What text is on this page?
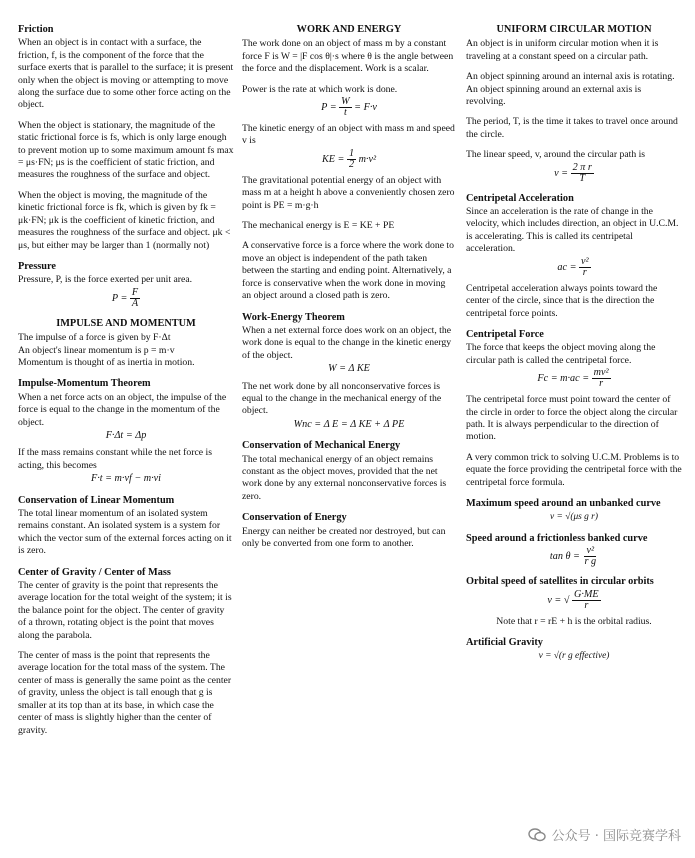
Friction

When an object is in contact with a surface, the friction, f, is the component of the force that the surface exerts that is parallel to the surface; it is present only when the object is moving or attempting to move along the surface due to some other force acting on the object.

When the object is stationary, the magnitude of the static frictional force is fs, which is only large enough to prevent motion up to some maximum amount fs max = μs·FN; μs is the coefficient of static friction, and measures the roughness of the surface and object.

When the object is moving, the magnitude of the kinetic frictional force is fk, which is given by fk = μk·FN; μk is the coefficient of kinetic friction, and measures the roughness of the surface and object. μk < μs, but either may be larger than 1 (normally not)

Pressure
Pressure, P, is the force exerted per unit area.
$P = \frac{F}{A}$
IMPULSE AND MOMENTUM
The impulse of a force is given by F·Δt
An object's linear momentum is p = m·v
Momentum is thought of as inertia in motion.
Impulse-Momentum Theorem
When a net force acts on an object, the impulse of the force is equal to the change in the momentum of the object.
F·Δt = Δp
If the mass remains constant while the net force is acting, this becomes
F·t = m·vf − m·vi
Conservation of Linear Momentum
The total linear momentum of an isolated system remains constant. An isolated system is a system for which the vector sum of the external forces acting on it is zero.
Center of Gravity / Center of Mass

The center of gravity is the point that represents the average location for the total weight of the system; it is the balance point for the object. The center of gravity of a thrown, rotating object is the point that moves along the parabola.

The center of mass is the point that represents the average location for the total mass of the system. The center of mass is generally the same point as the center of gravity, unless the object is tall enough that g is smaller at its top than at its base, in which case the center of mass is slightly higher than the center of gravity.

WORK AND ENERGY

The work done on an object of mass m by a constant force F is W = |F cos θ|·s where θ is the angle between the force and the displacement. Work is a scalar.

Power is the rate at which work is done.
$P = \frac{W}{t} = F\cdot v$
The kinetic energy of an object with mass m and speed v is
KE = $\frac{1}{2} m\cdot v^2$

The gravitational potential energy of an object with mass m at a height h above a conveniently chosen zero point is PE = m·g·h

The mechanical energy is E = KE + PE

A conservative force is a force where the work done to move an object is independent of the path taken between the starting and ending point. Alternatively, a force is conservative when the work done in moving an object around a closed path is zero.

Work-Energy Theorem
When a net external force does work on an object, the work done is equal to the change in the kinetic energy of the object.
W = Δ KE
The net work done by all nonconservative forces is equal to the change in the mechanical energy of the object.
Wnc = Δ E = Δ KE + Δ PE
Conservation of Mechanical Energy
The total mechanical energy of an object remains constant as the object moves, provided that the net work done by any external nonconservative forces is zero.
Conservation of Energy
Energy can neither be created nor destroyed, but can only be converted from one form to another.
UNIFORM CIRCULAR MOTION

An object is in uniform circular motion when it is traveling at a constant speed on a circular path.

An object spinning around an internal axis is rotating. An object spinning around an external axis is revolving.

The period, T, is the time it takes to travel once around the circle.

The linear speed, v, around the circular path is
$v = \frac{\text{2 π r}}{T}$
Centripetal Acceleration
Since an acceleration is the rate of change in the velocity, which includes direction, an object in U.C.M. is accelerating. This is called its centripetal acceleration.
ac = $\frac{\text{v²}}{r}$
Centripetal acceleration always points toward the center of the circle, since that is the direction the centripetal force points.
Centripetal Force
The force that keeps the object moving along the circular path is called the centripetal force.
$Fc = m\cdot ac = \frac{\text{mv²}}{r}$

The centripetal force must point toward the center of the circle in order to force the object along the circular path. It is always perpendicular to the direction of motion.

A very common trick to solving U.C.M. Problems is to equate the force providing the centripetal force with the centripetal force formula.

Maximum speed around an unbanked curve
v = √(μs g r)
Speed around a frictionless banked curve
$\tan \theta = \frac{\text{v²}}{\text{r g}}$
Orbital speed of satellites in circular orbits
v = √ $\frac{G\cdot ME}{r}$
Note that r = rE + h is the orbital radius.
Artificial Gravity
v = √(r g effective)
公众号 · 国际竞赛学科
